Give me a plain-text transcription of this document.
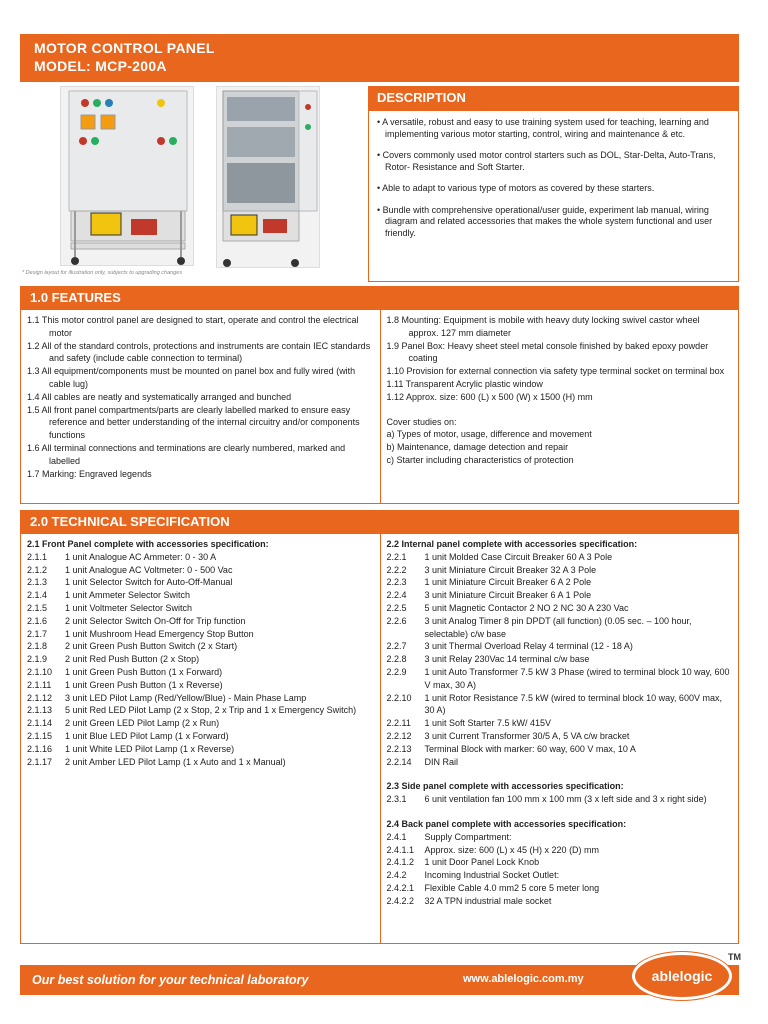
MOTOR CONTROL PANEL
MODEL: MCP-200A
* Design layout for illustration only, subjects to upgrading changes
DESCRIPTION
• A versatile, robust and easy to use training system used for teaching, learning and implementing various motor starting, control, wiring and maintenance & etc.
• Covers commonly used motor control starters such as DOL, Star-Delta, Auto-Trans, Rotor- Resistance and Soft Starter.
• Able to adapt to various type of motors as covered by these starters.
• Bundle with comprehensive operational/user guide, experiment lab manual, wiring diagram and related accessories that makes the whole system functional and user friendly.
1.0 FEATURES
1.1 This motor control panel are designed to start, operate and control the electrical motor
1.2 All of the standard controls, protections and instruments are contain IEC standards and safety (include cable connection to terminal)
1.3 All equipment/components must be mounted on panel box and fully wired (with cable lug)
1.4 All cables are neatly and systematically arranged and bunched
1.5 All front panel compartments/parts are clearly labelled marked to ensure easy reference and better understanding of the internal circuitry and/or components functions
1.6 All terminal connections and terminations are clearly numbered, marked and labelled
1.7 Marking: Engraved legends
1.8 Mounting: Equipment is mobile with heavy duty locking swivel castor wheel approx. 127 mm diameter
1.9 Panel Box: Heavy sheet steel metal console finished by baked epoxy powder coating
1.10 Provision for external connection via safety type terminal socket on terminal box
1.11 Transparent Acrylic plastic window
1.12 Approx. size: 600 (L) x 500 (W) x 1500 (H) mm
Cover studies on:
a) Types of motor, usage, difference and movement
b) Maintenance, damage detection and repair
c) Starter including characteristics of protection
2.0 TECHNICAL SPECIFICATION
2.1 Front Panel complete with accessories specification:
2.1.1	1 unit Analogue AC Ammeter: 0 - 30 A
2.1.2	1 unit Analogue AC Voltmeter: 0 - 500 Vac
2.1.3	1 unit Selector Switch for Auto-Off-Manual
2.1.4	1 unit Ammeter Selector Switch
2.1.5	1 unit Voltmeter Selector Switch
2.1.6	2 unit Selector Switch On-Off for Trip function
2.1.7	1 unit Mushroom Head Emergency Stop Button
2.1.8	2 unit Green Push Button Switch (2 x Start)
2.1.9	2 unit Red Push Button (2 x Stop)
2.1.10	1 unit Green Push Button (1 x Forward)
2.1.11	1 unit Green Push Button (1 x Reverse)
2.1.12	3 unit LED Pilot Lamp (Red/Yellow/Blue) - Main Phase Lamp
2.1.13	5 unit Red LED Pilot Lamp (2 x Stop, 2 x Trip and 1 x Emergency Switch)
2.1.14	2 unit Green LED Pilot Lamp (2 x Run)
2.1.15	1 unit Blue LED Pilot Lamp (1 x Forward)
2.1.16	1 unit White LED Pilot Lamp (1 x Reverse)
2.1.17	2 unit Amber LED Pilot Lamp (1 x Auto and 1 x Manual)
2.2 Internal panel complete with accessories specification:
2.2.1	1 unit Molded Case Circuit Breaker 60 A 3 Pole
2.2.2	3 unit Miniature Circuit Breaker 32 A 3 Pole
2.2.3	1 unit Miniature Circuit Breaker 6 A 2 Pole
2.2.4	3 unit Miniature Circuit Breaker 6 A 1 Pole
2.2.5	5 unit Magnetic Contactor 2 NO 2 NC 30 A 230 Vac
2.2.6	3 unit Analog Timer 8 pin DPDT (all function) (0.05 sec. – 100 hour, selectable) c/w base
2.2.7	3 unit Thermal Overload Relay 4 terminal (12 - 18 A)
2.2.8	3 unit Relay 230Vac 14 terminal c/w base
2.2.9	1 unit Auto Transformer 7.5 kW 3 Phase (wired to terminal block 10 way, 600 V max, 30 A)
2.2.10	1 unit Rotor Resistance 7.5 kW (wired to terminal block 10 way, 600V max, 30 A)
2.2.11	1 unit Soft Starter 7.5 kW/ 415V
2.2.12	3 unit Current Transformer 30/5 A, 5 VA c/w bracket
2.2.13	Terminal Block with marker: 60 way, 600 V max, 10 A
2.2.14	DIN Rail
2.3 Side panel complete with accessories specification:
2.3.1	6 unit ventilation fan 100 mm x 100 mm (3 x left side and 3 x right side)
2.4 Back panel complete with accessories specification:
2.4.1	Supply Compartment:
2.4.1.1	Approx. size: 600 (L) x 45 (H) x 220 (D) mm
2.4.1.2	1 unit Door Panel Lock Knob
2.4.2	Incoming Industrial Socket Outlet:
2.4.2.1	Flexible Cable 4.0 mm2 5 core 5 meter long
2.4.2.2	32 A TPN industrial male socket
Our best solution for your technical laboratory	www.ablelogic.com.my	ablelogic
TM
